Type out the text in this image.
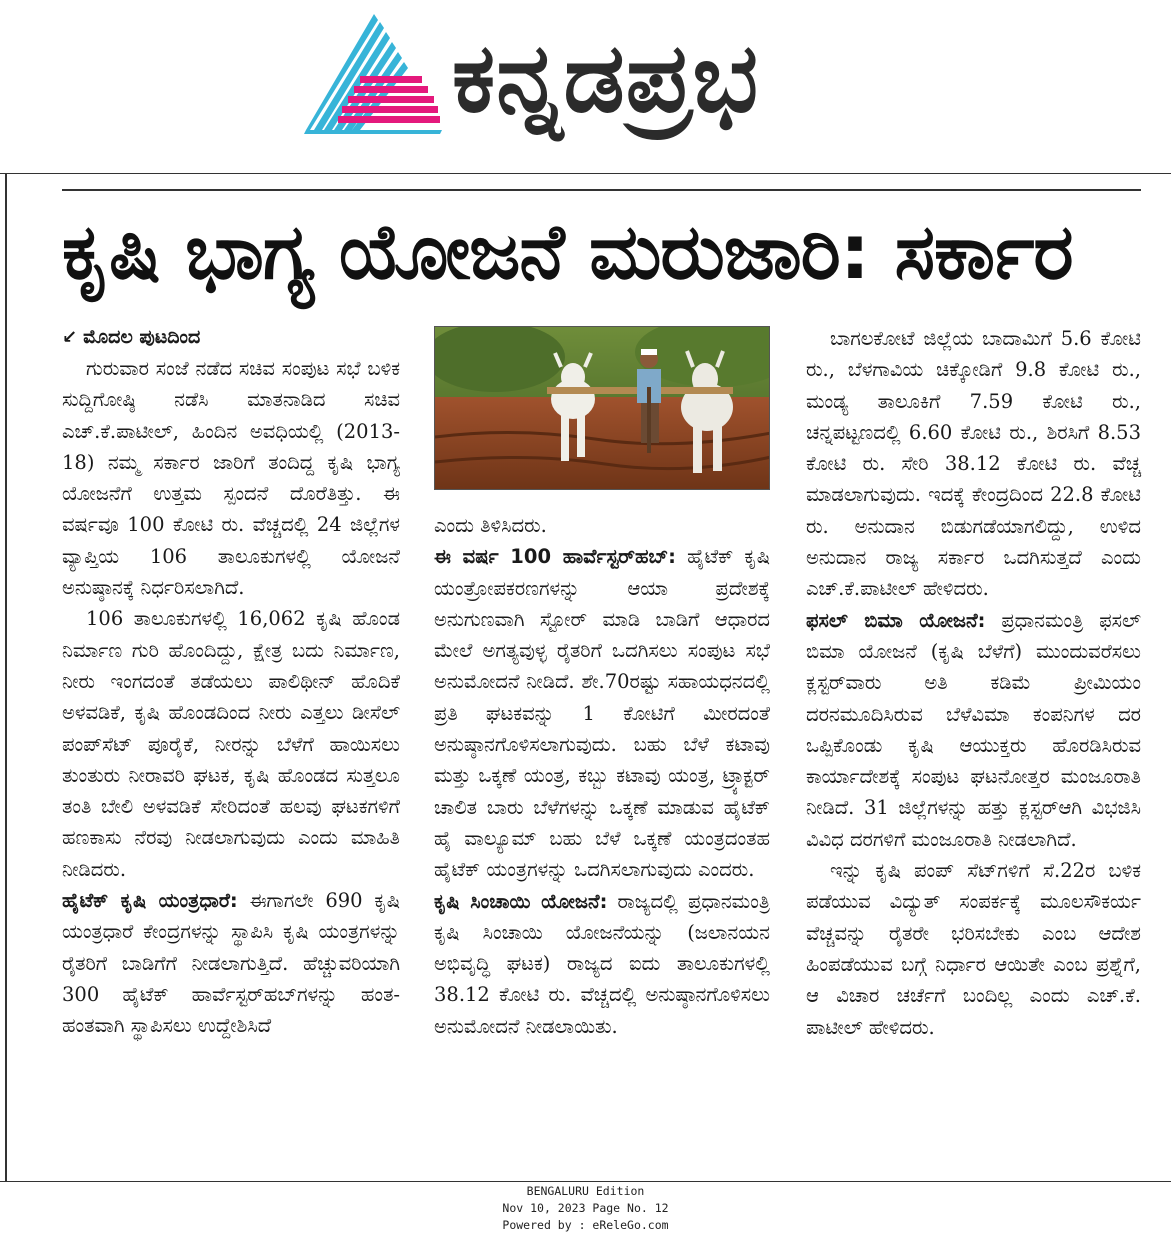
ಕನ್ನಡಪ್ರಭ
ಕೃಷಿ ಭಾಗ್ಯ ಯೋಜನೆ ಮರುಜಾರಿ: ಸರ್ಕಾರ
↙ ಮೊದಲ ಪುಟದಿಂದ

ಗುರುವಾರ ಸಂಜೆ ನಡೆದ ಸಚಿವ ಸಂಪುಟ ಸಭೆ ಬಳಿಕ ಸುದ್ದಿಗೋಷ್ಠಿ ನಡೆಸಿ ಮಾತನಾಡಿದ ಸಚಿವ ಎಚ್.ಕೆ.ಪಾಟೀಲ್, ಹಿಂದಿನ ಅವಧಿಯಲ್ಲಿ (2013-18) ನಮ್ಮ ಸರ್ಕಾರ ಜಾರಿಗೆ ತಂದಿದ್ದ ಕೃಷಿ ಭಾಗ್ಯ ಯೋಜನೆಗೆ ಉತ್ತಮ ಸ್ಪಂದನೆ ದೊರೆತಿತ್ತು. ಈ ವರ್ಷವೂ 100 ಕೋಟಿ ರು. ವೆಚ್ಚದಲ್ಲಿ 24 ಜಿಲ್ಲೆಗಳ ವ್ಯಾಪ್ತಿಯ 106 ತಾಲೂಕುಗಳಲ್ಲಿ ಯೋಜನೆ ಅನುಷ್ಠಾನಕ್ಕೆ ನಿರ್ಧರಿಸಲಾಗಿದೆ.

106 ತಾಲೂಕುಗಳಲ್ಲಿ 16,062 ಕೃಷಿ ಹೊಂಡ ನಿರ್ಮಾಣ ಗುರಿ ಹೊಂದಿದ್ದು, ಕ್ಷೇತ್ರ ಬದು ನಿರ್ಮಾಣ, ನೀರು ಇಂಗದಂತೆ ತಡೆಯಲು ಪಾಲಿಥೀನ್ ಹೊದಿಕೆ ಅಳವಡಿಕೆ, ಕೃಷಿ ಹೊಂಡದಿಂದ ನೀರು ಎತ್ತಲು ಡೀಸೆಲ್ ಪಂಪ್‌ಸೆಟ್ ಪೂರೈಕೆ, ನೀರನ್ನು ಬೆಳೆಗೆ ಹಾಯಿಸಲು ತುಂತುರು ನೀರಾವರಿ ಘಟಕ, ಕೃಷಿ ಹೊಂಡದ ಸುತ್ತಲೂ ತಂತಿ ಬೇಲಿ ಅಳವಡಿಕೆ ಸೇರಿದಂತೆ ಹಲವು ಘಟಕಗಳಿಗೆ ಹಣಕಾಸು ನೆರವು ನೀಡಲಾಗುವುದು ಎಂದು ಮಾಹಿತಿ ನೀಡಿದರು.

ಹೈಟೆಕ್ ಕೃಷಿ ಯಂತ್ರಧಾರೆ: ಈಗಾಗಲೇ 690 ಕೃಷಿ ಯಂತ್ರಧಾರೆ ಕೇಂದ್ರಗಳನ್ನು ಸ್ಥಾಪಿಸಿ ಕೃಷಿ ಯಂತ್ರಗಳನ್ನು ರೈತರಿಗೆ ಬಾಡಿಗೆಗೆ ನೀಡಲಾಗುತ್ತಿದೆ. ಹೆಚ್ಚುವರಿಯಾಗಿ 300 ಹೈಟೆಕ್ ಹಾರ್ವೆಸ್ಟರ್‌ಹಬ್‌ಗಳನ್ನು ಹಂತ-ಹಂತವಾಗಿ ಸ್ಥಾಪಿಸಲು ಉದ್ದೇಶಿಸಿದೆ

ಎಂದು ತಿಳಿಸಿದರು.

ಈ ವರ್ಷ 100 ಹಾರ್ವೆಸ್ಟರ್‌ಹಬ್: ಹೈಟೆಕ್ ಕೃಷಿ ಯಂತ್ರೋಪಕರಣಗಳನ್ನು ಆಯಾ ಪ್ರದೇಶಕ್ಕೆ ಅನುಗುಣವಾಗಿ ಸ್ಟೋರ್ ಮಾಡಿ ಬಾಡಿಗೆ ಆಧಾರದ ಮೇಲೆ ಅಗತ್ಯವುಳ್ಳ ರೈತರಿಗೆ ಒದಗಿಸಲು ಸಂಪುಟ ಸಭೆ ಅನುಮೋದನೆ ನೀಡಿದೆ. ಶೇ.70ರಷ್ಟು ಸಹಾಯಧನದಲ್ಲಿ ಪ್ರತಿ ಘಟಕವನ್ನು 1 ಕೋಟಿಗೆ ಮೀರದಂತೆ ಅನುಷ್ಠಾನಗೊಳಿಸಲಾಗುವುದು. ಬಹು ಬೆಳೆ ಕಟಾವು ಮತ್ತು ಒಕ್ಕಣೆ ಯಂತ್ರ, ಕಬ್ಬು ಕಟಾವು ಯಂತ್ರ, ಟ್ರ್ಯಾಕ್ಟರ್ ಚಾಲಿತ ಬಾರು ಬೆಳೆಗಳನ್ನು ಒಕ್ಕಣೆ ಮಾಡುವ ಹೈಟೆಕ್ ಹೈ ವಾಲ್ಯೂಮ್ ಬಹು ಬೆಳೆ ಒಕ್ಕಣೆ ಯಂತ್ರದಂತಹ ಹೈಟೆಕ್ ಯಂತ್ರಗಳನ್ನು ಒದಗಿಸಲಾಗುವುದು ಎಂದರು.

ಕೃಷಿ ಸಿಂಚಾಯಿ ಯೋಜನೆ: ರಾಜ್ಯದಲ್ಲಿ ಪ್ರಧಾನಮಂತ್ರಿ ಕೃಷಿ ಸಿಂಚಾಯಿ ಯೋಜನೆಯನ್ನು (ಜಲಾನಯನ ಅಭಿವೃದ್ಧಿ ಘಟಕ) ರಾಜ್ಯದ ಐದು ತಾಲೂಕುಗಳಲ್ಲಿ 38.12 ಕೋಟಿ ರು. ವೆಚ್ಚದಲ್ಲಿ ಅನುಷ್ಠಾನಗೊಳಿಸಲು ಅನುಮೋದನೆ ನೀಡಲಾಯಿತು.

ಬಾಗಲಕೋಟೆ ಜಿಲ್ಲೆಯ ಬಾದಾಮಿಗೆ 5.6 ಕೋಟಿ ರು., ಬೆಳಗಾವಿಯ ಚಿಕ್ಕೋಡಿಗೆ 9.8 ಕೋಟಿ ರು., ಮಂಡ್ಯ ತಾಲೂಕಿಗೆ 7.59 ಕೋಟಿ ರು., ಚನ್ನಪಟ್ಟಣದಲ್ಲಿ 6.60 ಕೋಟಿ ರು., ಶಿರಸಿಗೆ 8.53 ಕೋಟಿ ರು. ಸೇರಿ 38.12 ಕೋಟಿ ರು. ವೆಚ್ಚ ಮಾಡಲಾಗುವುದು. ಇದಕ್ಕೆ ಕೇಂದ್ರದಿಂದ 22.8 ಕೋಟಿ ರು. ಅನುದಾನ ಬಿಡುಗಡೆಯಾಗಲಿದ್ದು, ಉಳಿದ ಅನುದಾನ ರಾಜ್ಯ ಸರ್ಕಾರ ಒದಗಿಸುತ್ತದೆ ಎಂದು ಎಚ್.ಕೆ.ಪಾಟೀಲ್ ಹೇಳಿದರು.

ಫಸಲ್ ಬಿಮಾ ಯೋಜನೆ: ಪ್ರಧಾನಮಂತ್ರಿ ಫಸಲ್ ಬಿಮಾ ಯೋಜನೆ (ಕೃಷಿ ಬೆಳೆಗೆ) ಮುಂದುವರೆಸಲು ಕ್ಲಸ್ಟರ್‌ವಾರು ಅತಿ ಕಡಿಮೆ ಪ್ರೀಮಿಯಂ ದರನಮೂದಿಸಿರುವ ಬೆಳೆವಿಮಾ ಕಂಪನಿಗಳ ದರ ಒಪ್ಪಿಕೊಂಡು ಕೃಷಿ ಆಯುಕ್ತರು ಹೊರಡಿಸಿರುವ ಕಾರ್ಯಾದೇಶಕ್ಕೆ ಸಂಪುಟ ಘಟನೋತ್ತರ ಮಂಜೂರಾತಿ ನೀಡಿದೆ. 31 ಜಿಲ್ಲೆಗಳನ್ನು ಹತ್ತು ಕ್ಲಸ್ಟರ್‌ಆಗಿ ವಿಭಜಿಸಿ ವಿವಿಧ ದರಗಳಿಗೆ ಮಂಜೂರಾತಿ ನೀಡಲಾಗಿದೆ.

ಇನ್ನು ಕೃಷಿ ಪಂಪ್ ಸೆಟ್‌ಗಳಿಗೆ ಸೆ.22ರ ಬಳಿಕ ಪಡೆಯುವ ವಿದ್ಯುತ್ ಸಂಪರ್ಕಕ್ಕೆ ಮೂಲಸೌಕರ್ಯ ವೆಚ್ಚವನ್ನು ರೈತರೇ ಭರಿಸಬೇಕು ಎಂಬ ಆದೇಶ ಹಿಂಪಡೆಯುವ ಬಗ್ಗೆ ನಿರ್ಧಾರ ಆಯಿತೇ ಎಂಬ ಪ್ರಶ್ನೆಗೆ, ಆ ವಿಚಾರ ಚರ್ಚೆಗೆ ಬಂದಿಲ್ಲ ಎಂದು ಎಚ್.ಕೆ. ಪಾಟೀಲ್ ಹೇಳಿದರು.

BENGALURU Edition
Nov 10, 2023 Page No. 12
Powered by : eReleGo.com
